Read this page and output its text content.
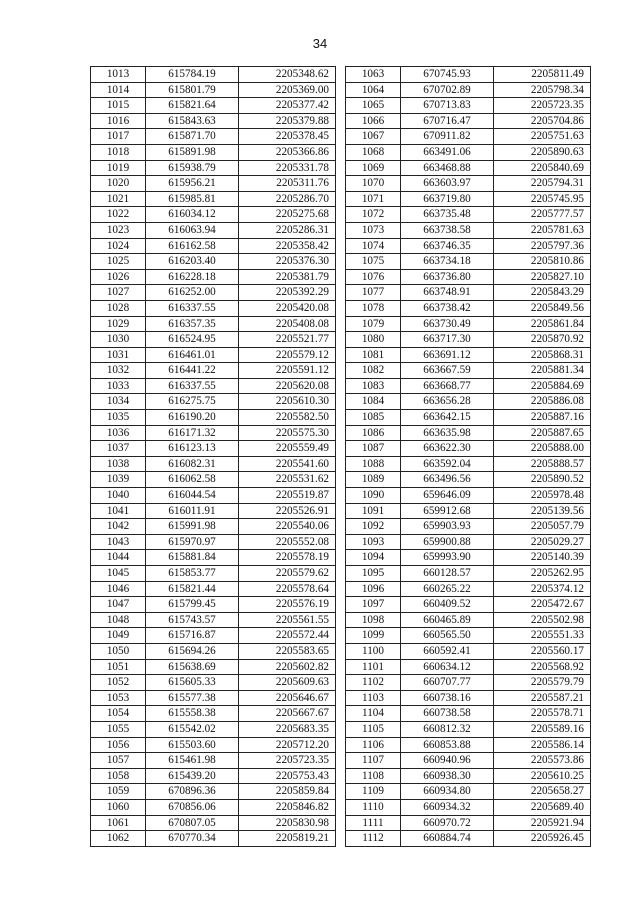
34
1013	615784.19	2205348.62
1014	615801.79	2205369.00
1015	615821.64	2205377.42
1016	615843.63	2205379.88
1017	615871.70	2205378.45
1018	615891.98	2205366.86
1019	615938.79	2205331.78
1020	615956.21	2205311.76
1021	615985.81	2205286.70
1022	616034.12	2205275.68
1023	616063.94	2205286.31
1024	616162.58	2205358.42
1025	616203.40	2205376.30
1026	616228.18	2205381.79
1027	616252.00	2205392.29
1028	616337.55	2205420.08
1029	616357.35	2205408.08
1030	616524.95	2205521.77
1031	616461.01	2205579.12
1032	616441.22	2205591.12
1033	616337.55	2205620.08
1034	616275.75	2205610.30
1035	616190.20	2205582.50
1036	616171.32	2205575.30
1037	616123.13	2205559.49
1038	616082.31	2205541.60
1039	616062.58	2205531.62
1040	616044.54	2205519.87
1041	616011.91	2205526.91
1042	615991.98	2205540.06
1043	615970.97	2205552.08
1044	615881.84	2205578.19
1045	615853.77	2205579.62
1046	615821.44	2205578.64
1047	615799.45	2205576.19
1048	615743.57	2205561.55
1049	615716.87	2205572.44
1050	615694.26	2205583.65
1051	615638.69	2205602.82
1052	615605.33	2205609.63
1053	615577.38	2205646.67
1054	615558.38	2205667.67
1055	615542.02	2205683.35
1056	615503.60	2205712.20
1057	615461.98	2205723.35
1058	615439.20	2205753.43
1059	670896.36	2205859.84
1060	670856.06	2205846.82
1061	670807.05	2205830.98
1062	670770.34	2205819.21
1063	670745.93	2205811.49
1064	670702.89	2205798.34
1065	670713.83	2205723.35
1066	670716.47	2205704.86
1067	670911.82	2205751.63
1068	663491.06	2205890.63
1069	663468.88	2205840.69
1070	663603.97	2205794.31
1071	663719.80	2205745.95
1072	663735.48	2205777.57
1073	663738.58	2205781.63
1074	663746.35	2205797.36
1075	663734.18	2205810.86
1076	663736.80	2205827.10
1077	663748.91	2205843.29
1078	663738.42	2205849.56
1079	663730.49	2205861.84
1080	663717.30	2205870.92
1081	663691.12	2205868.31
1082	663667.59	2205881.34
1083	663668.77	2205884.69
1084	663656.28	2205886.08
1085	663642.15	2205887.16
1086	663635.98	2205887.65
1087	663622.30	2205888.00
1088	663592.04	2205888.57
1089	663496.56	2205890.52
1090	659646.09	2205978.48
1091	659912.68	2205139.56
1092	659903.93	2205057.79
1093	659900.88	2205029.27
1094	659993.90	2205140.39
1095	660128.57	2205262.95
1096	660265.22	2205374.12
1097	660409.52	2205472.67
1098	660465.89	2205502.98
1099	660565.50	2205551.33
1100	660592.41	2205560.17
1101	660634.12	2205568.92
1102	660707.77	2205579.79
1103	660738.16	2205587.21
1104	660738.58	2205578.71
1105	660812.32	2205589.16
1106	660853.88	2205586.14
1107	660940.96	2205573.86
1108	660938.30	2205610.25
1109	660934.80	2205658.27
1110	660934.32	2205689.40
1111	660970.72	2205921.94
1112	660884.74	2205926.45
